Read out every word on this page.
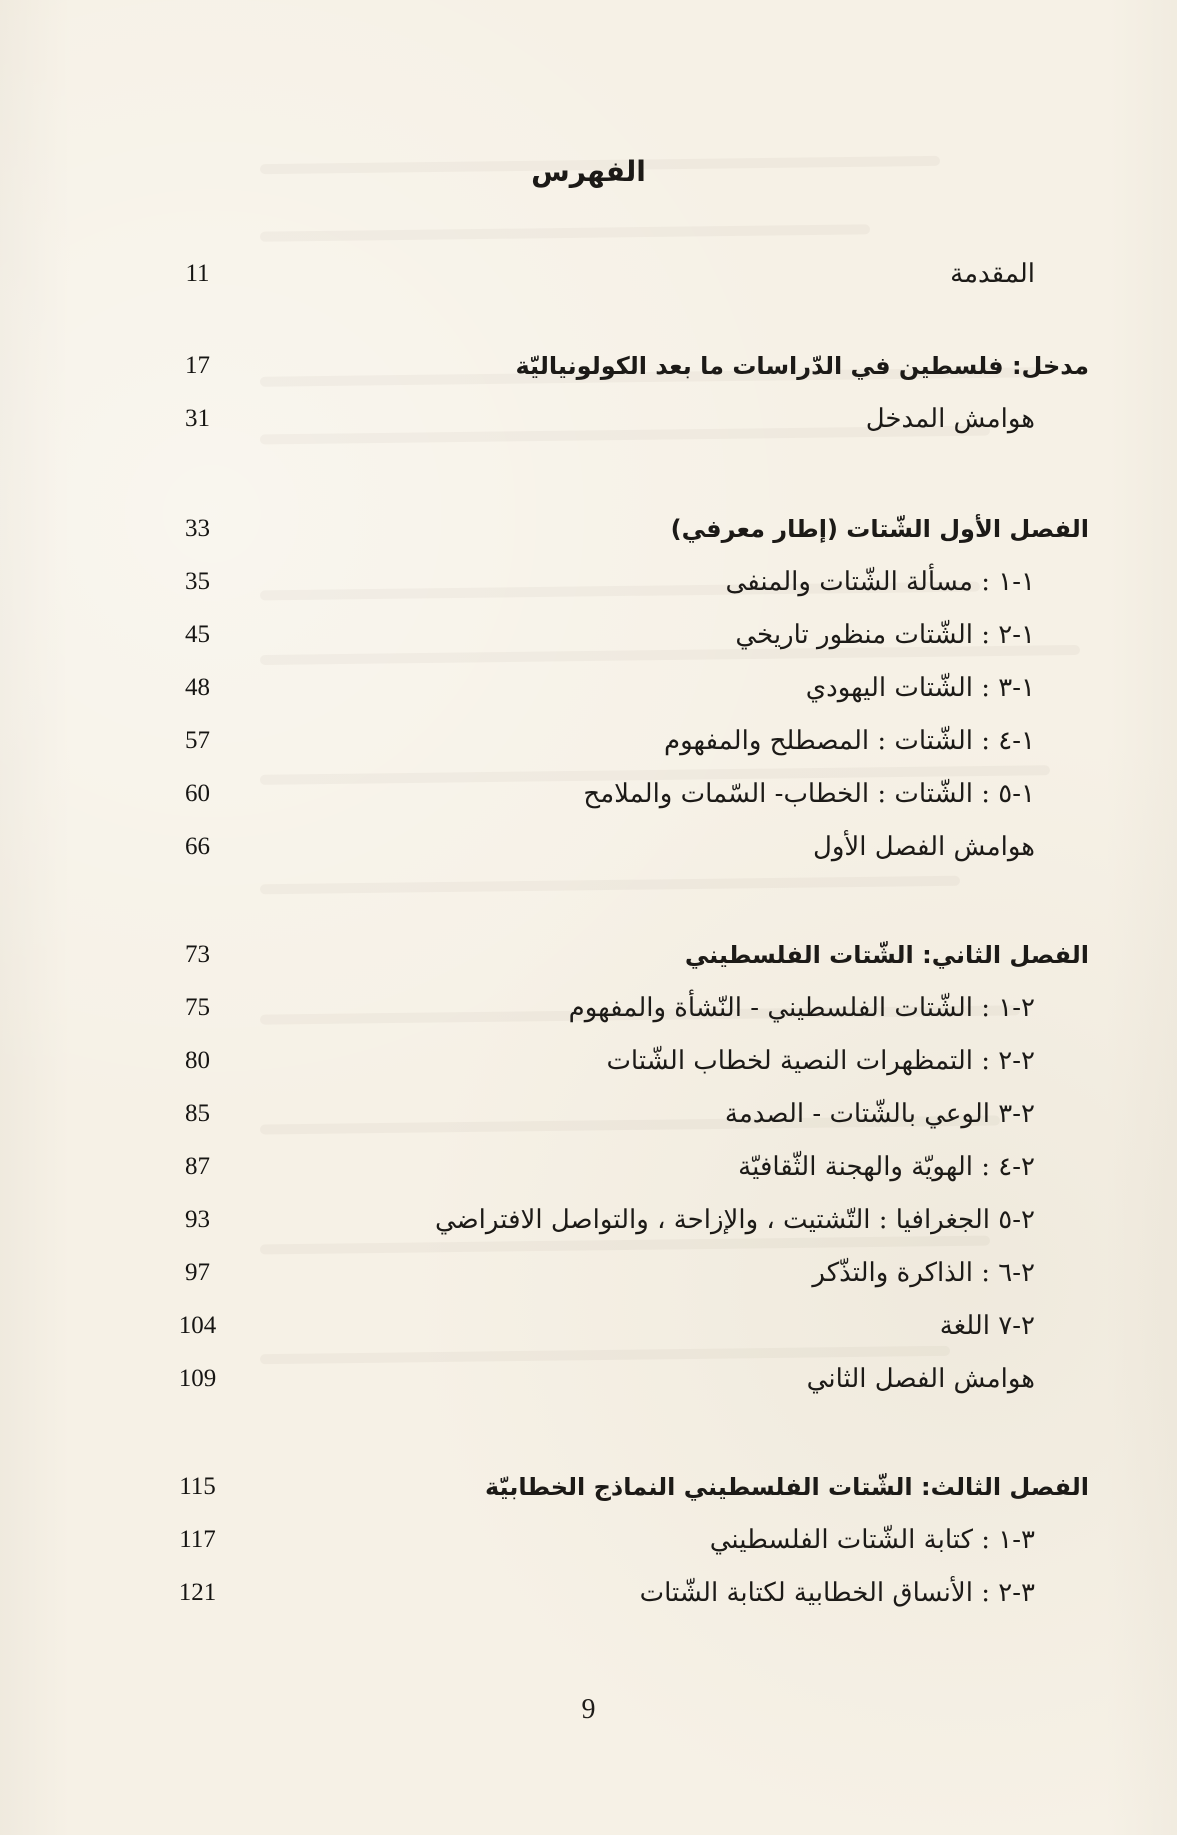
الفهرس
11	المقدمة
17	مدخل: فلسطين في الدّراسات ما بعد الكولونياليّة
31	هوامش المدخل
33	الفصل الأول الشّتات (إطار معرفي)
35	١-١ : مسألة الشّتات والمنفى
45	١-٢ : الشّتات منظور تاريخي
48	١-٣ : الشّتات اليهودي
57	١-٤ : الشّتات : المصطلح والمفهوم
60	١-٥ : الشّتات : الخطاب- السّمات والملامح
66	هوامش الفصل الأول
73	الفصل الثاني: الشّتات الفلسطيني
75	٢-١ : الشّتات الفلسطيني - النّشأة والمفهوم
80	٢-٢ : التمظهرات النصية لخطاب الشّتات
85	٢-٣ الوعي بالشّتات - الصدمة
87	٢-٤ : الهويّة والهجنة الثّقافيّة
93	٢-٥ الجغرافيا : التّشتيت ، والإزاحة ، والتواصل الافتراضي
97	٢-٦ : الذاكرة والتذّكر
104	٢-٧ اللغة
109	هوامش الفصل الثاني
115	الفصل الثالث: الشّتات الفلسطيني النماذج الخطابيّة
117	٣-١ : كتابة الشّتات الفلسطيني
121	٣-٢ : الأنساق الخطابية لكتابة الشّتات
9
